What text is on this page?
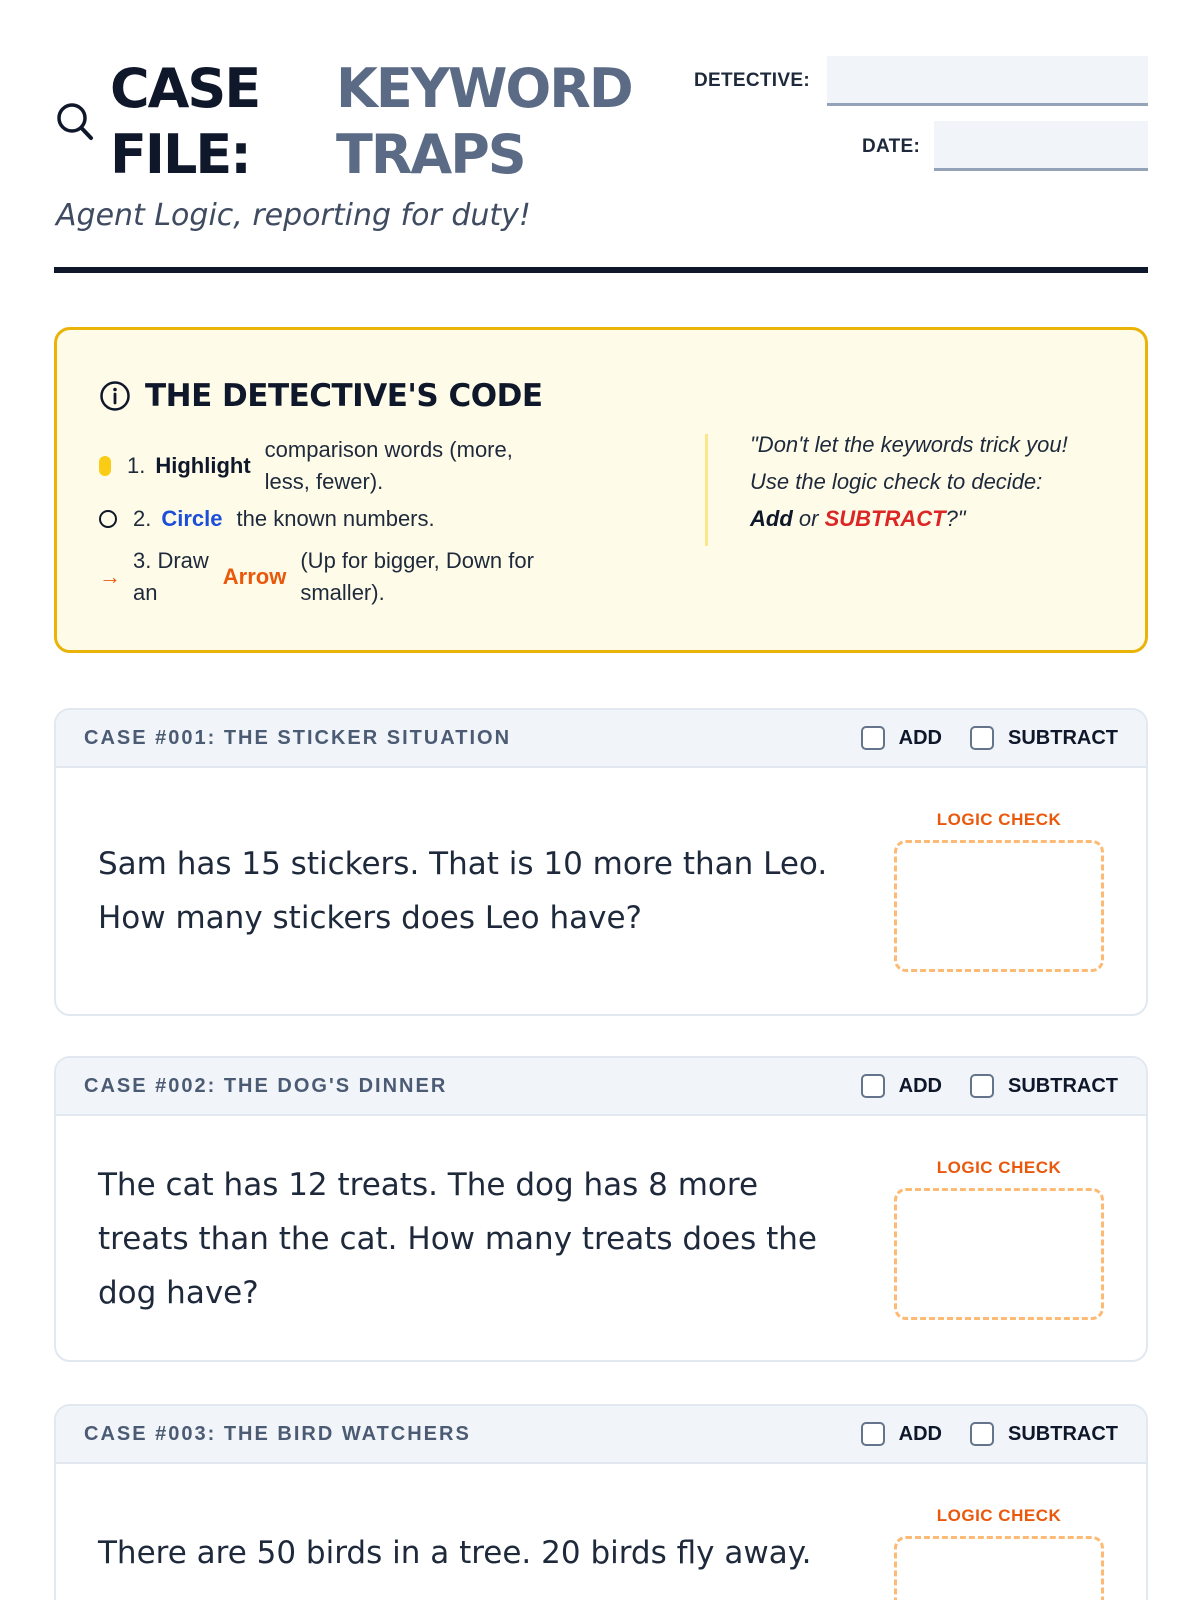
CASE
FILE:
KEYWORD
TRAPS
Agent Logic, reporting for duty!
DETECTIVE:
DATE:
THE DETECTIVE'S CODE
1. Highlight
comparison words (more,
less, fewer).
2. Circle the known numbers.
→
3. Draw
an
Arrow
(Up for bigger, Down for
smaller).
"Don't let the keywords trick you! Use the logic check to decide: Add or SUBTRACT?"
CASE #001: THE STICKER SITUATION	ADD	SUBTRACT
Sam has 15 stickers. That is 10 more than Leo.
How many stickers does Leo have?
LOGIC CHECK
CASE #002: THE DOG'S DINNER	ADD	SUBTRACT
The cat has 12 treats. The dog has 8 more
treats than the cat. How many treats does the
dog have?
LOGIC CHECK
CASE #003: THE BIRD WATCHERS	ADD	SUBTRACT
There are 50 birds in a tree. 20 birds fly away.
LOGIC CHECK
